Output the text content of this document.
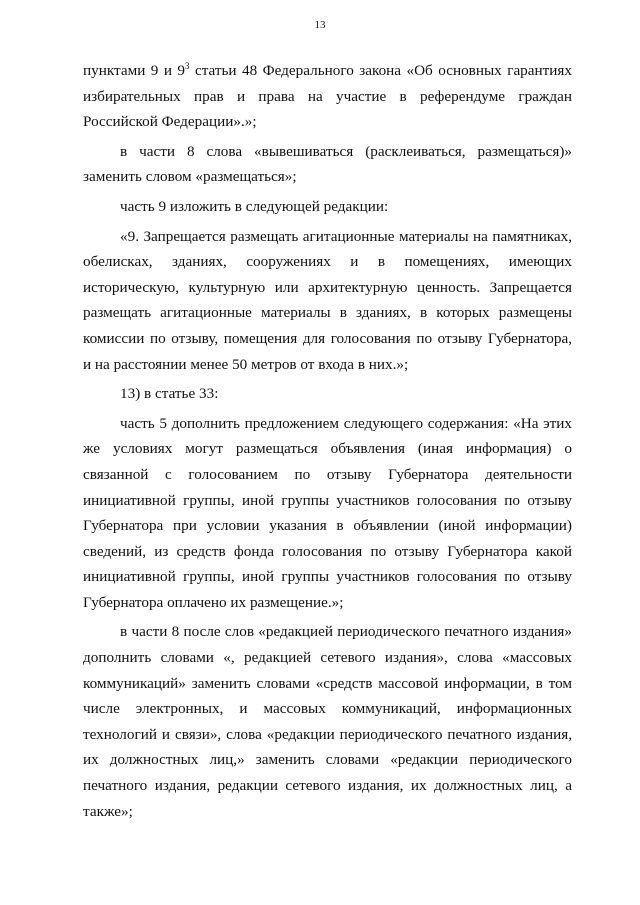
13

пунктами 9 и $9^3$ статьи 48 Федерального закона «Об основных гарантиях
избирательных прав и права на участие в референдуме граждан
Российской Федерации».»;

в части 8 слова «вывешиваться (расклеиваться, размещаться)»

заменить словом «размещаться»;

часть 9 изложить в следующей редакции:

«9. Запрещается размещать агитационные материалы на памятниках,

обелисках, зданиях, сооружениях и в помещениях, имеющих
историческую, культурную или архитектурную ценность. Запрещается
размещать агитационные материалы в зданиях, в которых размещены
комиссии по отзыву, помещения для голосования по отзыву Губернатора,
и на расстоянии менее 50 метров от входа в них.»;

13) в статье 33:

часть 5 дополнить предложением следующего содержания: «На этих

же условиях могут размещаться объявления (иная информация) о
связанной с голосованием по отзыву Губернатора деятельности
инициативной группы, иной группы участников голосования по отзыву
Губернатора при условии указания в объявлении (иной информации)
сведений, из средств фонда голосования по отзыву Губернатора какой
инициативной группы, иной группы участников голосования по отзыву
Губернатора оплачено их размещение.»;

в части 8 после слов «редакцией периодического печатного издания»

дополнить словами «, редакцией сетевого издания», слова «массовых
коммуникаций» заменить словами «средств массовой информации, в том
числе электронных, и массовых коммуникаций, информационных
технологий и связи», слова «редакции периодического печатного издания,
их должностных лиц,» заменить словами «редакции периодического
печатного издания, редакции сетевого издания, их должностных лиц, а
также»;
